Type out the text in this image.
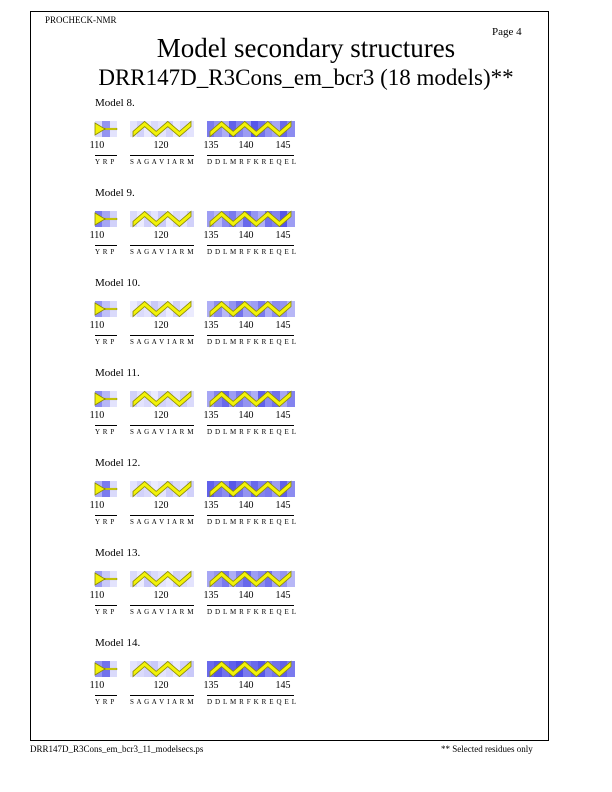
PROCHECK-NMR
Page 4
Model secondary structures
DRR147D_R3Cons_em_bcr3 (18 models)**
Model 8.
110
Y R P
120
S A G A V I A R M
135 140 145
D D L M R F K R E Q E L
Model 9.
110
Y R P
120
S A G A V I A R M
135 140 145
D D L M R F K R E Q E L
Model 10.
110
Y R P
120
S A G A V I A R M
135 140 145
D D L M R F K R E Q E L
Model 11.
110
Y R P
120
S A G A V I A R M
135 140 145
D D L M R F K R E Q E L
Model 12.
110
Y R P
120
S A G A V I A R M
135 140 145
D D L M R F K R E Q E L
Model 13.
110
Y R P
120
S A G A V I A R M
135 140 145
D D L M R F K R E Q E L
Model 14.
110
Y R P
120
S A G A V I A R M
135 140 145
D D L M R F K R E Q E L
DRR147D_R3Cons_em_bcr3_11_modelsecs.ps	** Selected residues only
